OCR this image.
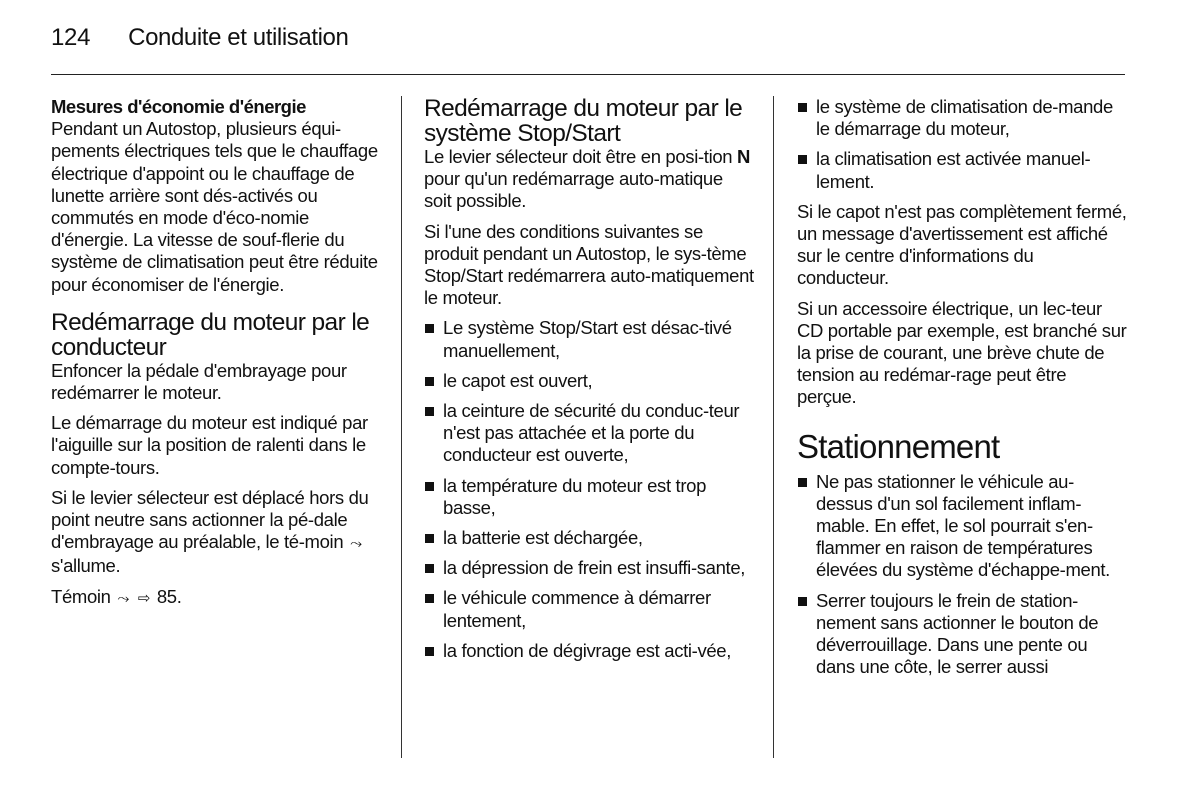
124 Conduite et utilisation
Mesures d'économie d'énergie

Pendant un Autostop, plusieurs équi-pements électriques tels que le chauffage électrique d'appoint ou le chauffage de lunette arrière sont dés-activés ou commutés en mode d'éco-nomie d'énergie. La vitesse de souf-flerie du système de climatisation peut être réduite pour économiser de l'énergie.

Redémarrage du moteur par le conducteur

Enfoncer la pédale d'embrayage pour redémarrer le moteur.

Le démarrage du moteur est indiqué par l'aiguille sur la position de ralenti dans le compte-tours.

Si le levier sélecteur est déplacé hors du point neutre sans actionner la pé-dale d'embrayage au préalable, le té-moin ⤳ s'allume.

Témoin ⤳ ⇨ 85.

Redémarrage du moteur par le système Stop/Start

Le levier sélecteur doit être en posi-tion N pour qu'un redémarrage auto-matique soit possible.

Si l'une des conditions suivantes se produit pendant un Autostop, le sys-tème Stop/Start redémarrera auto-matiquement le moteur.

Le système Stop/Start est désac-tivé manuellement,
le capot est ouvert,
la ceinture de sécurité du conduc-teur n'est pas attachée et la porte du conducteur est ouverte,
la température du moteur est trop basse,
la batterie est déchargée,
la dépression de frein est insuffi-sante,
le véhicule commence à démarrer lentement,
la fonction de dégivrage est acti-vée,
le système de climatisation de-mande le démarrage du moteur,
la climatisation est activée manuel-lement.

Si le capot n'est pas complètement fermé, un message d'avertissement est affiché sur le centre d'informations du conducteur.

Si un accessoire électrique, un lec-teur CD portable par exemple, est branché sur la prise de courant, une brève chute de tension au redémar-rage peut être perçue.

Stationnement
Ne pas stationner le véhicule au-dessus d'un sol facilement inflam-mable. En effet, le sol pourrait s'en-flammer en raison de températures élevées du système d'échappe-ment.
Serrer toujours le frein de station-nement sans actionner le bouton de déverrouillage. Dans une pente ou dans une côte, le serrer aussi
